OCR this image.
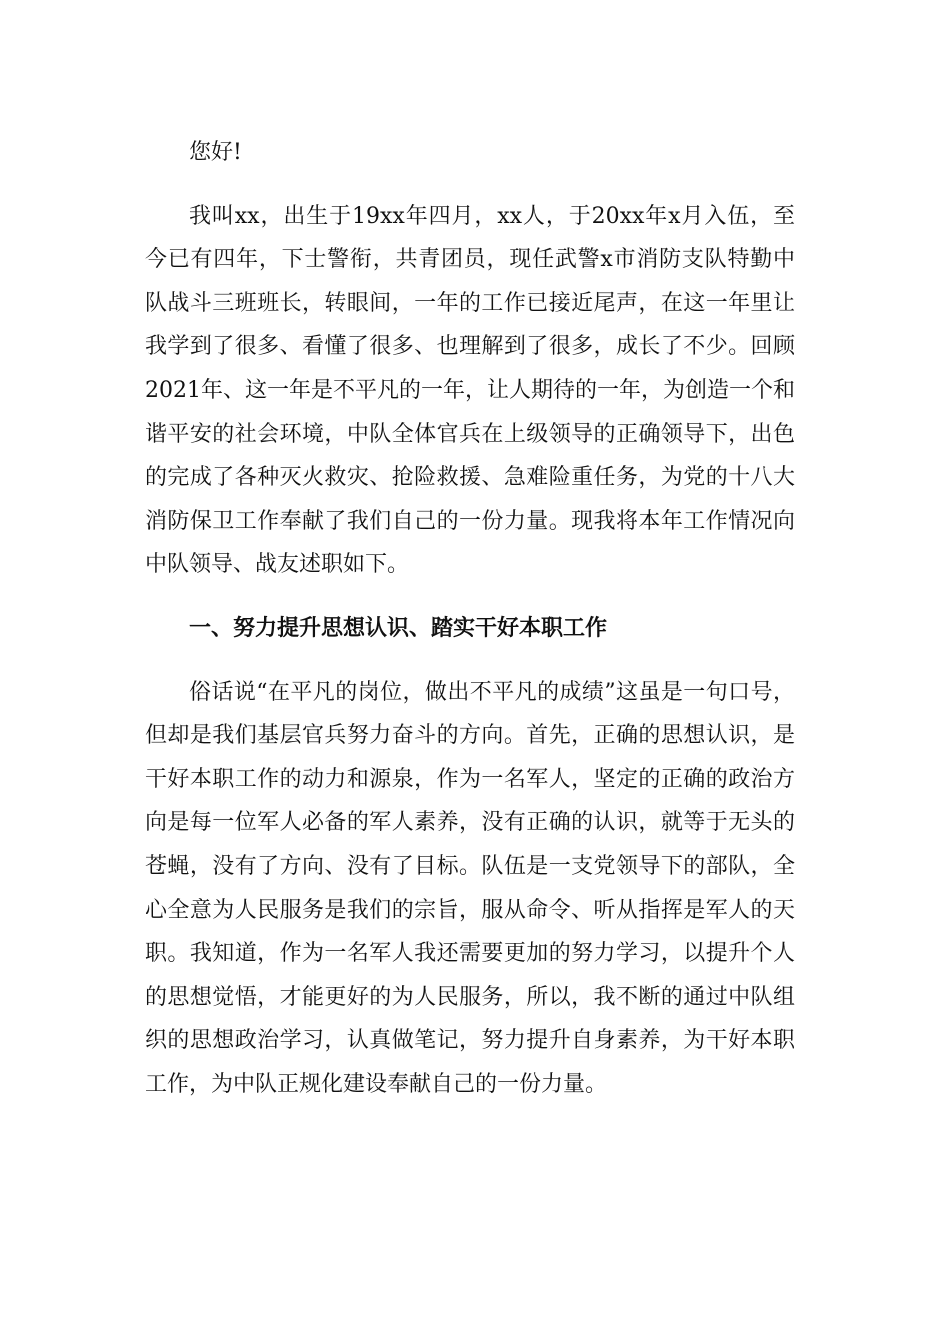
您好!

我叫xx，出生于19xx年四月，xx人，于20xx年x月入伍，至今已有四年，下士警衔，共青团员，现任武警x市消防支队特勤中队战斗三班班长，转眼间，一年的工作已接近尾声，在这一年里让我学到了很多、看懂了很多、也理解到了很多，成长了不少。回顾2021年、这一年是不平凡的一年，让人期待的一年，为创造一个和谐平安的社会环境，中队全体官兵在上级领导的正确领导下，出色的完成了各种灭火救灾、抢险救援、急难险重任务，为党的十八大消防保卫工作奉献了我们自己的一份力量。现我将本年工作情况向中队领导、战友述职如下。

一、努力提升思想认识、踏实干好本职工作

俗话说“在平凡的岗位，做出不平凡的成绩”这虽是一句口号，但却是我们基层官兵努力奋斗的方向。首先，正确的思想认识，是干好本职工作的动力和源泉，作为一名军人，坚定的正确的政治方向是每一位军人必备的军人素养，没有正确的认识，就等于无头的苍蝇，没有了方向、没有了目标。队伍是一支党领导下的部队，全心全意为人民服务是我们的宗旨，服从命令、听从指挥是军人的天职。我知道，作为一名军人我还需要更加的努力学习，以提升个人的思想觉悟，才能更好的为人民服务，所以，我不断的通过中队组织的思想政治学习，认真做笔记，努力提升自身素养，为干好本职工作，为中队正规化建设奉献自己的一份力量。
